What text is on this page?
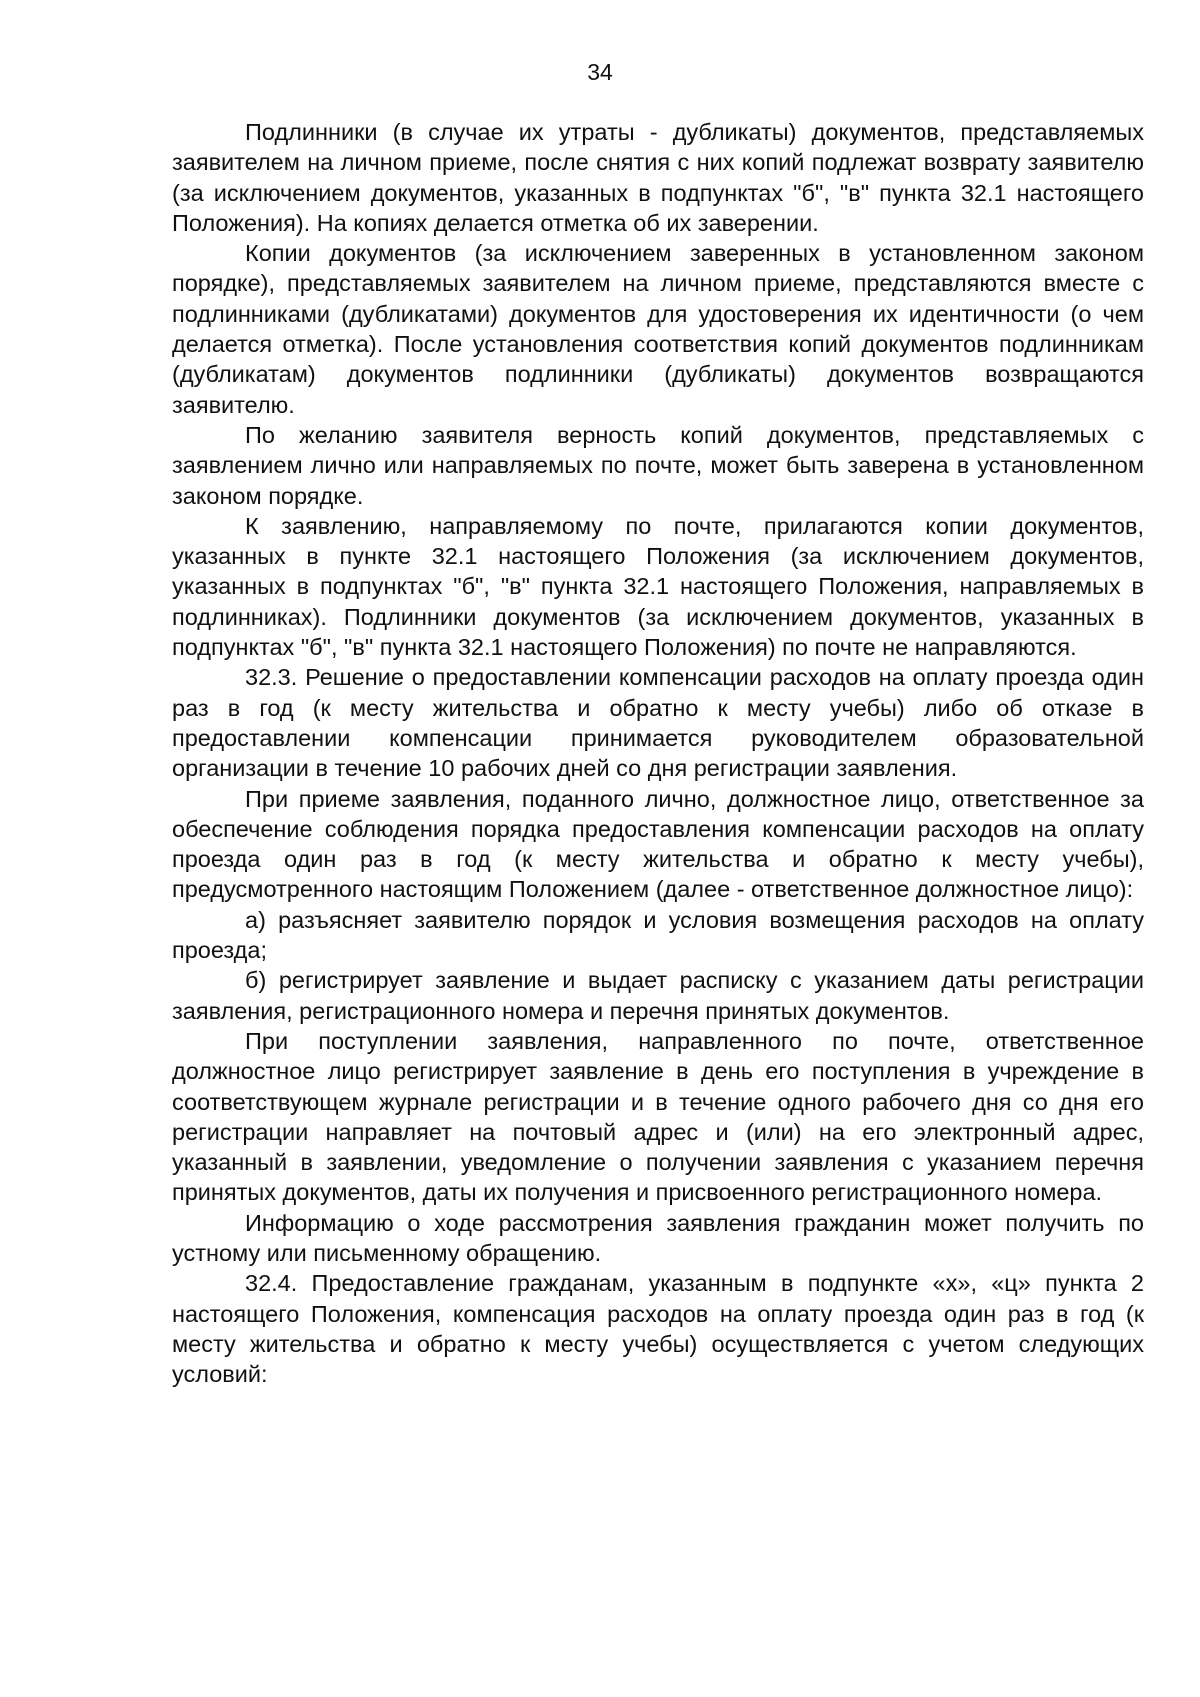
34

Подлинники (в случае их утраты - дубликаты) документов, представляемых заявителем на личном приеме, после снятия с них копий подлежат возврату заявителю (за исключением документов, указанных в подпунктах "б", "в" пункта 32.1 настоящего Положения). На копиях делается отметка об их заверении.

Копии документов (за исключением заверенных в установленном законом порядке), представляемых заявителем на личном приеме, представляются вместе с подлинниками (дубликатами) документов для удостоверения их идентичности (о чем делается отметка). После установления соответствия копий документов подлинникам (дубликатам) документов подлинники (дубликаты) документов возвращаются заявителю.

По желанию заявителя верность копий документов, представляемых с заявлением лично или направляемых по почте, может быть заверена в установленном законом порядке.

К заявлению, направляемому по почте, прилагаются копии документов, указанных в пункте 32.1 настоящего Положения (за исключением документов, указанных в подпунктах "б", "в" пункта 32.1 настоящего Положения, направляемых в подлинниках). Подлинники документов (за исключением документов, указанных в подпунктах "б", "в" пункта 32.1 настоящего Положения) по почте не направляются.

32.3. Решение о предоставлении компенсации расходов на оплату проезда один раз в год (к месту жительства и обратно к месту учебы) либо об отказе в предоставлении компенсации принимается руководителем образовательной организации в течение 10 рабочих дней со дня регистрации заявления.

При приеме заявления, поданного лично, должностное лицо, ответственное за обеспечение соблюдения порядка предоставления компенсации расходов на оплату проезда один раз в год (к месту жительства и обратно к месту учебы), предусмотренного настоящим Положением (далее - ответственное должностное лицо):

а) разъясняет заявителю порядок и условия возмещения расходов на оплату проезда;

б) регистрирует заявление и выдает расписку с указанием даты регистрации заявления, регистрационного номера и перечня принятых документов.

При поступлении заявления, направленного по почте, ответственное должностное лицо регистрирует заявление в день его поступления в учреждение в соответствующем журнале регистрации и в течение одного рабочего дня со дня его регистрации направляет на почтовый адрес и (или) на его электронный адрес, указанный в заявлении, уведомление о получении заявления с указанием перечня принятых документов, даты их получения и присвоенного регистрационного номера.

Информацию о ходе рассмотрения заявления гражданин может получить по устному или письменному обращению.

32.4. Предоставление гражданам, указанным в подпункте «х», «ц» пункта 2 настоящего Положения, компенсация расходов на оплату проезда один раз в год (к месту жительства и обратно к месту учебы) осуществляется с учетом следующих условий:
